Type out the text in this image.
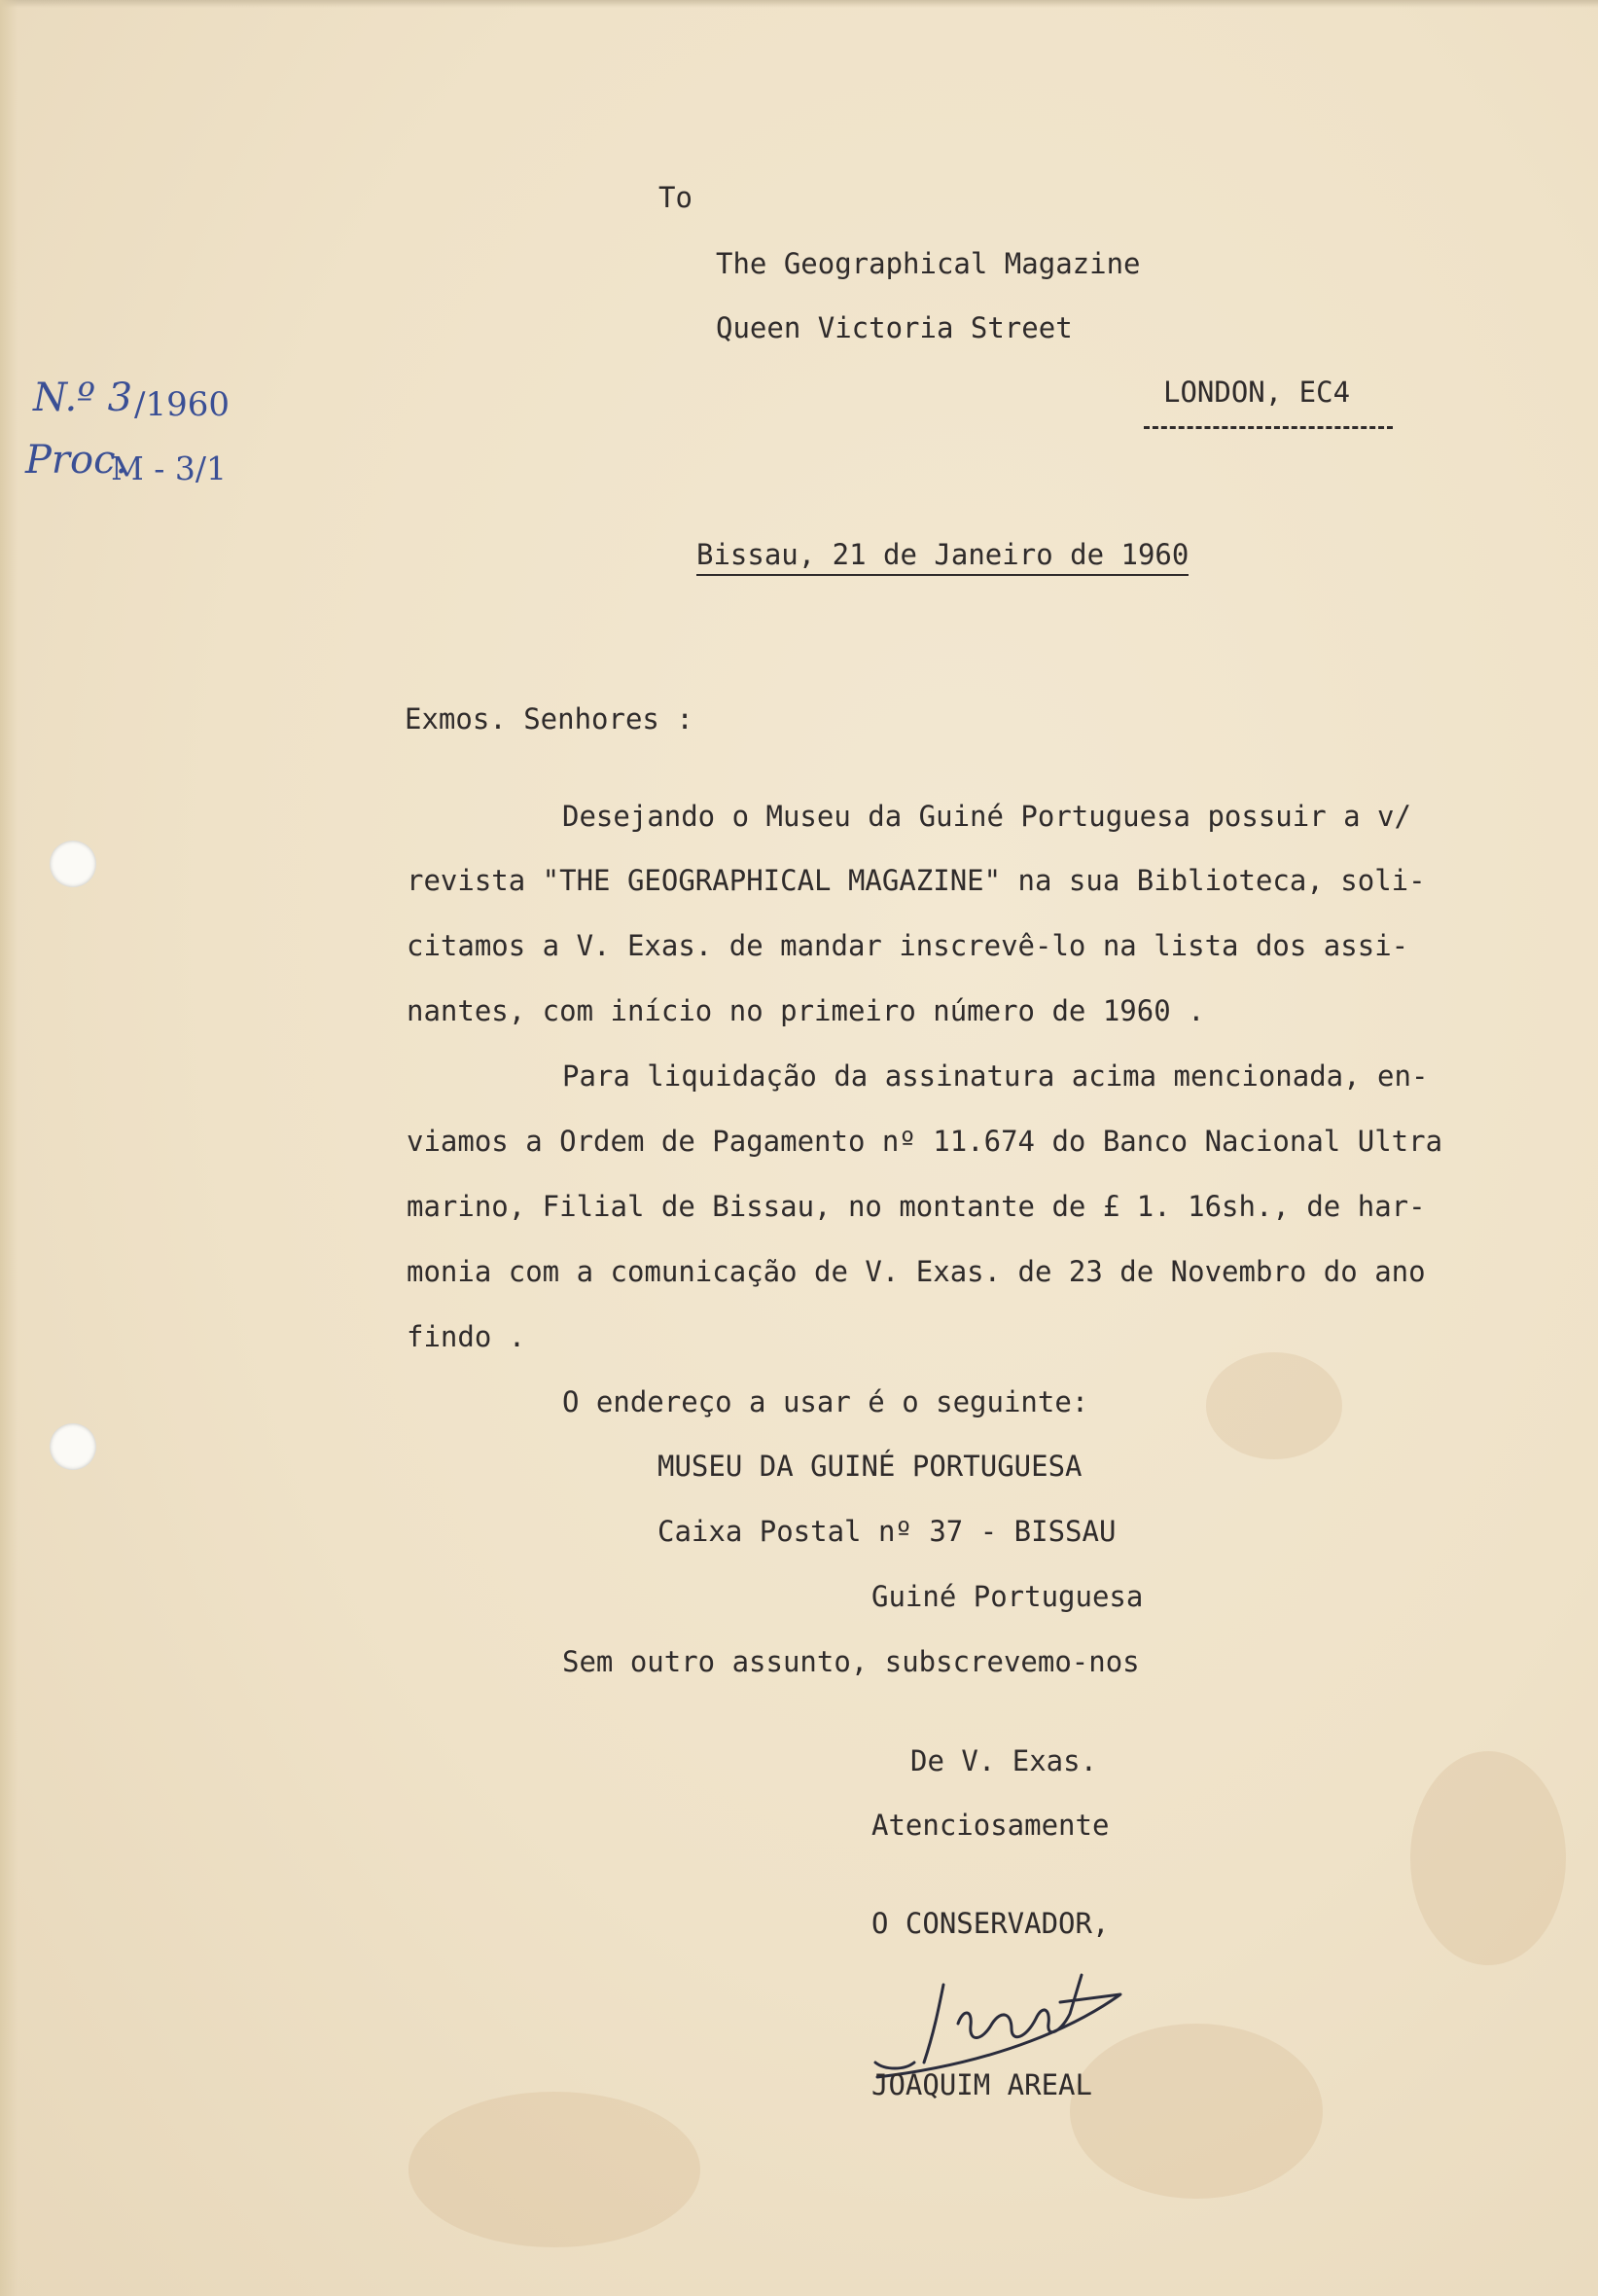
N.º 3 /1960

Proc.

M - 3/1

To

The Geographical Magazine

Queen Victoria Street

LONDON, EC4

Bissau, 21 de Janeiro de 1960

Exmos. Senhores :

Desejando o Museu da Guiné Portuguesa possuir a v/

revista "THE GEOGRAPHICAL MAGAZINE" na sua Biblioteca, soli-

citamos a V. Exas. de mandar inscrevê-lo na lista dos assi-

nantes, com início no primeiro número de 1960 .

Para liquidação da assinatura acima mencionada, en-

viamos a Ordem de Pagamento nº 11.674 do Banco Nacional Ultra

marino, Filial de Bissau, no montante de £ 1. 16sh., de har-

monia com a comunicação de V. Exas. de 23 de Novembro do ano

findo .

O endereço a usar é o seguinte:

MUSEU DA GUINÉ PORTUGUESA

Caixa Postal nº 37 - BISSAU

Guiné Portuguesa

Sem outro assunto, subscrevemo-nos

De V. Exas.

Atenciosamente

O CONSERVADOR,

JOAQUIM AREAL
